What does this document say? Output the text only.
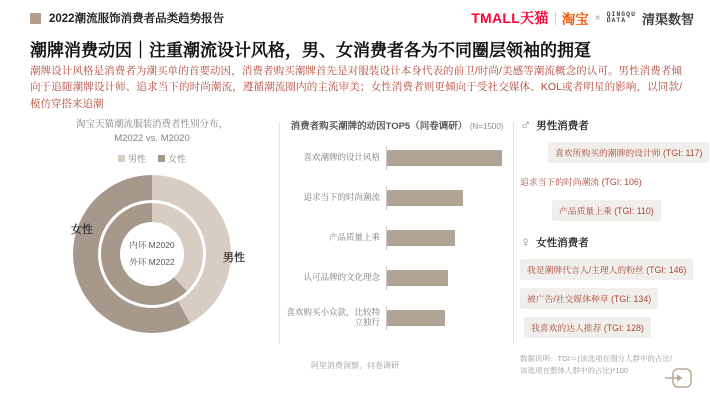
2022潮流服饰消费者品类趋势报告	TMALL天猫 淘宝 × QINGQU
DATA	清渠数智
潮牌消费动因｜注重潮流设计风格，男、女消费者各为不同圈层领袖的拥趸
潮牌设计风格是消费者为潮买单的首要动因，消费者购买潮牌首先是对服装设计本身代表的前卫/时尚/美感等潮流概念的认可。男性消费者倾向于追随潮牌设计师、追求当下的时尚潮流，遵循潮流圈内的主流审美；女性消费者则更倾向于受社交媒体、KOL或者明星的影响，以同款/模仿穿搭来追潮
淘宝天猫潮流服装消费者性别分布，
M2022 vs. M2020
男性 女性
内环 M2020
外环 M2022
女性
男性
消费者购买潮牌的动因TOP5（问卷调研） (N=1500)
喜欢潮牌的设计风格
追求当下的时尚潮流
产品质量上乘
认可品牌的文化理念
喜欢购买小众款，比较特立独行
♂ 男性消费者
喜欢所购买的潮牌的设计师 (TGI: 117)
追求当下的时尚潮流 (TGI: 106)
产品质量上乘 (TGI: 110)
♀ 女性消费者
我是潮牌代言人/主理人的粉丝 (TGI: 146)
被广告/社交媒体种草 (TGI: 134)
我喜欢的达人推荐 (TGI: 128)
数据说明：TGI＝(该选项在细分人群中的占比/
该选项在整体人群中的占比)*100
阿里消费洞察，问卷调研
